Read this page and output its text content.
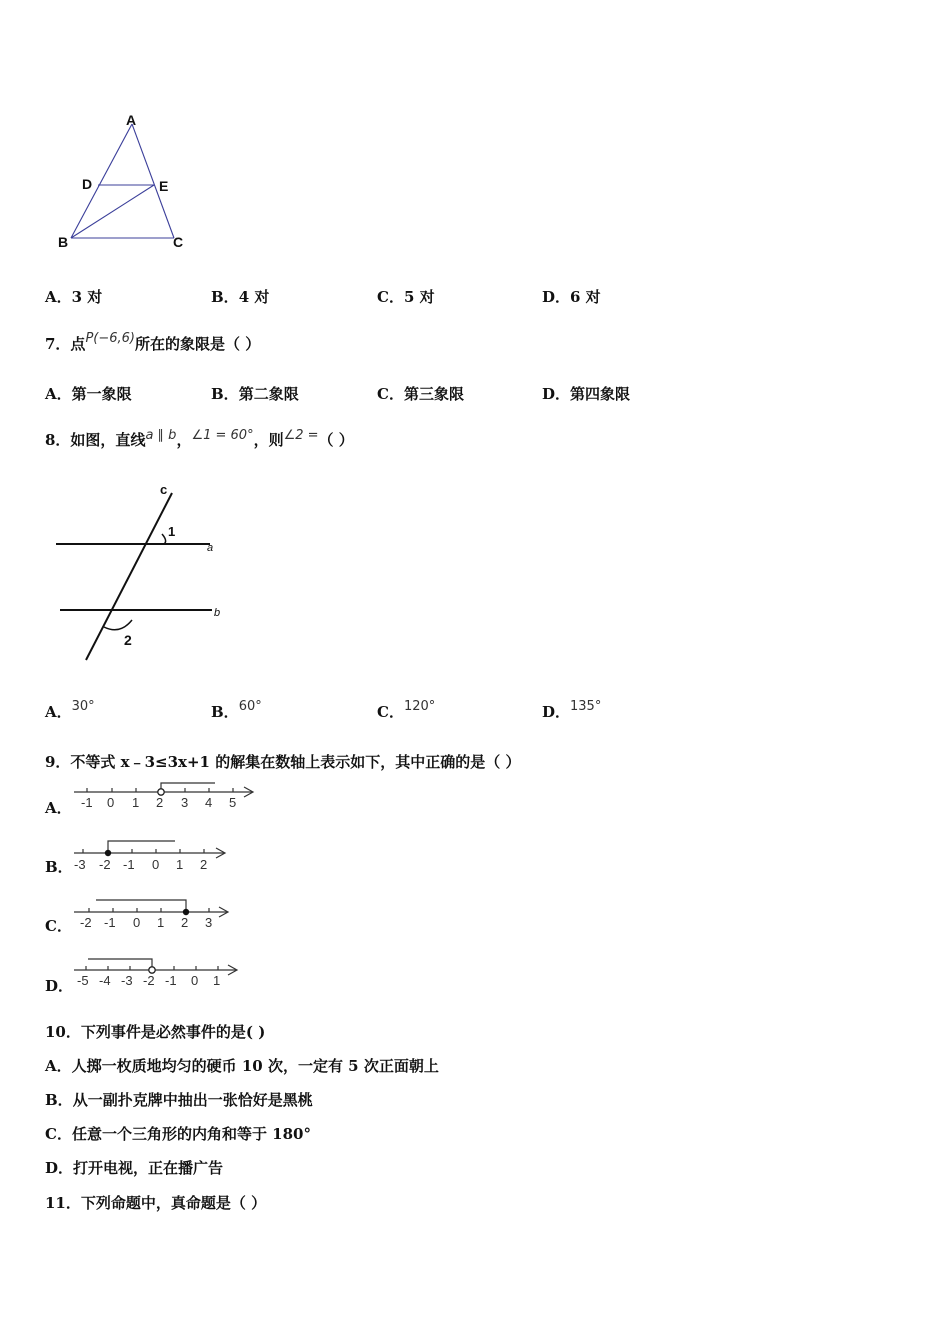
A
D	E
B	C
A．3 对	B．4 对	C．5 对	D．6 对
7．点P(−6,6)所在的象限是（ ）
A．第一象限	B．第二象限	C．第三象限	D．第四象限
8．如图，直线a ∥ b，∠1 = 60°，则∠2 =（ ）
c
1
a
b
2
A．30°	B．60°	C．120°	D．135°
9．不等式 x﹣3≤3x+1 的解集在数轴上表示如下，其中正确的是（ ）
A． -1 0 1 2 3 4 5
B． -3 -2 -1 0 1 2
C． -2 -1 0 1 2 3
D． -5 -4 -3 -2 -1 0 1
10．下列事件是必然事件的是( )
A．人掷一枚质地均匀的硬币 10 次，一定有 5 次正面朝上
B．从一副扑克牌中抽出一张恰好是黑桃
C．任意一个三角形的内角和等于 180°
D．打开电视，正在播广告
11．下列命题中，真命题是（ ）
